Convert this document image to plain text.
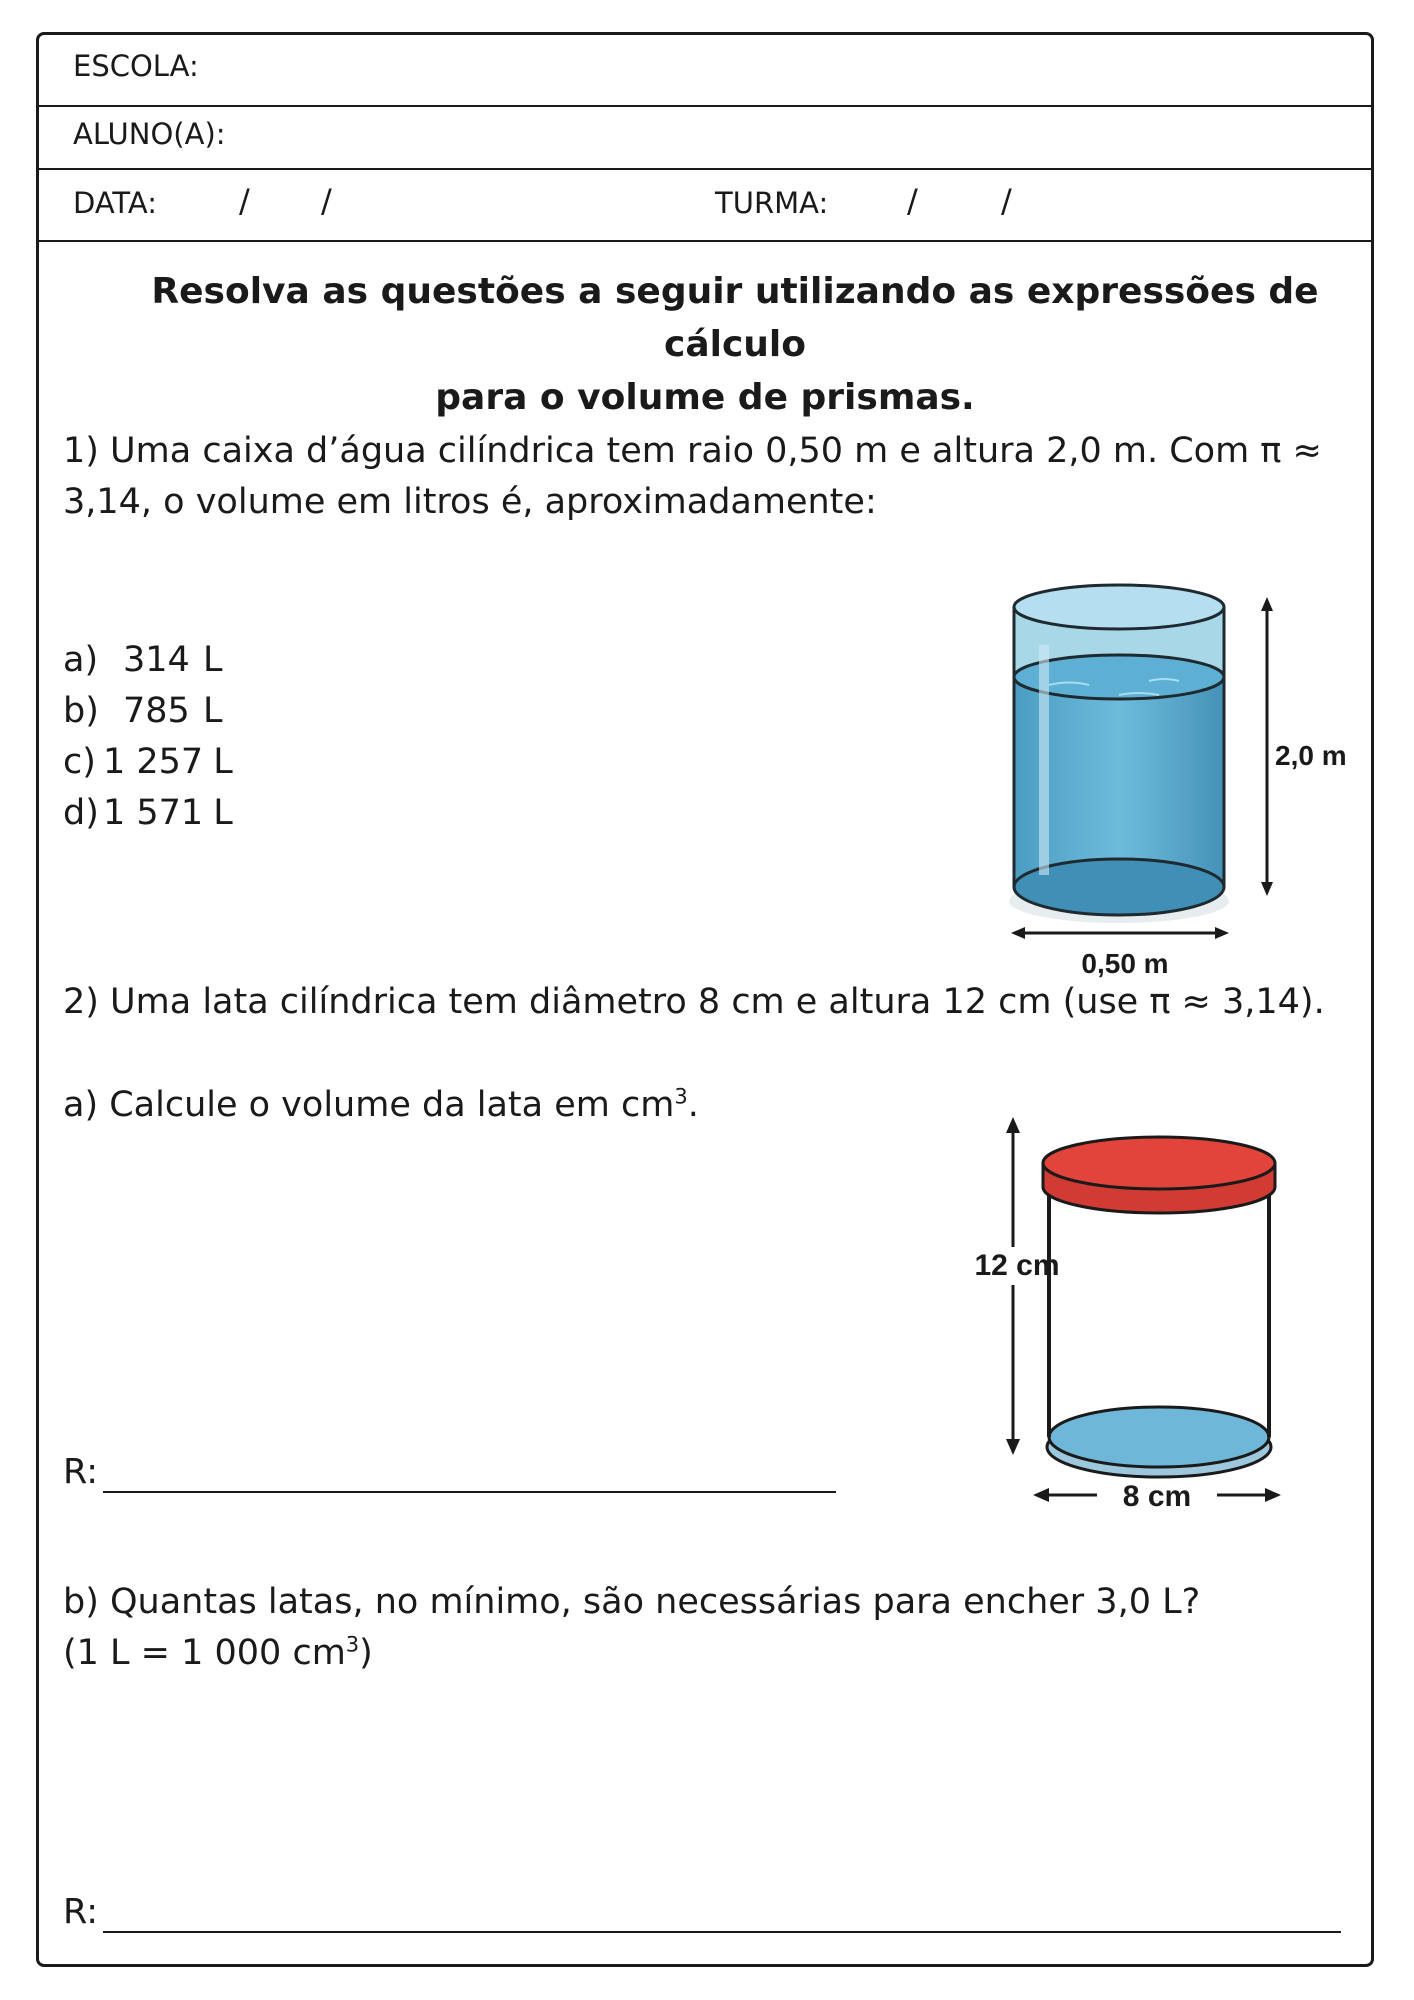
ESCOLA:
ALUNO(A):
DATA:	/ /	TURMA: /	/
Resolva as questões a seguir utilizando as expressões de cálculo
para o volume de prismas.
1) Uma caixa d’água cilíndrica tem raio 0,50 m e altura 2,0 m. Com π ≈
3,14, o volume em litros é, aproximadamente:
a) 314 L
b) 785 L
c) 1 257 L
d) 1 571 L
2,0 m
0,50 m
2) Uma lata cilíndrica tem diâmetro 8 cm e altura 12 cm (use π ≈ 3,14).
a) Calcule o volume da lata em $cm^3$.
R:
12 cm
8 cm
b) Quantas latas, no mínimo, são necessárias para encher 3,0 L?
(1 L = 1 000 $cm^3$)
R:
